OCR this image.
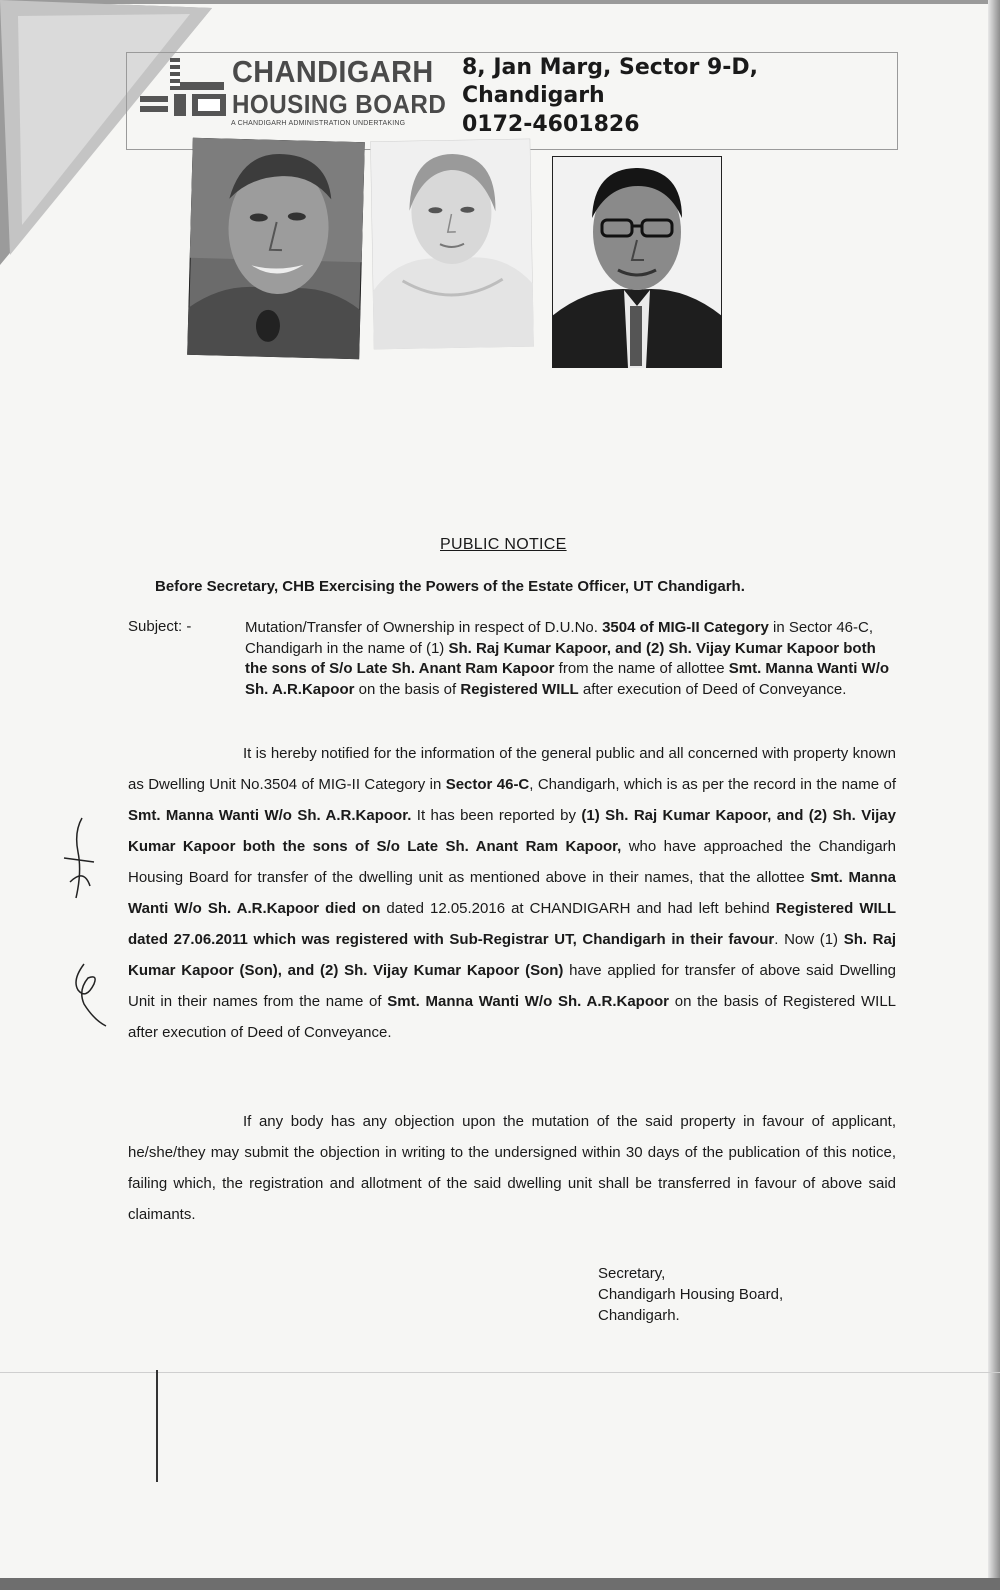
CHANDIGARH
HOUSING BOARD
A CHANDIGARH ADMINISTRATION UNDERTAKING
8, Jan Marg, Sector 9-D,
Chandigarh
0172-4601826
PUBLIC NOTICE
Before Secretary, CHB Exercising the Powers of the Estate Officer, UT Chandigarh.
Subject: -	Mutation/Transfer of Ownership in respect of D.U.No. 3504 of MIG-II Category in Sector 46-C, Chandigarh in the name of (1) Sh. Raj Kumar Kapoor, and (2) Sh. Vijay Kumar Kapoor both the sons of S/o Late Sh. Anant Ram Kapoor from the name of allottee Smt. Manna Wanti W/o Sh. A.R.Kapoor on the basis of Registered WILL after execution of Deed of Conveyance.
It is hereby notified for the information of the general public and all concerned with property known as Dwelling Unit No.3504 of MIG-II Category in Sector 46-C, Chandigarh, which is as per the record in the name of Smt. Manna Wanti W/o Sh. A.R.Kapoor. It has been reported by (1) Sh. Raj Kumar Kapoor, and (2) Sh. Vijay Kumar Kapoor both the sons of S/o Late Sh. Anant Ram Kapoor, who have approached the Chandigarh Housing Board for transfer of the dwelling unit as mentioned above in their names, that the allottee Smt. Manna Wanti W/o Sh. A.R.Kapoor died on dated 12.05.2016 at CHANDIGARH and had left behind Registered WILL dated 27.06.2011 which was registered with Sub-Registrar UT, Chandigarh in their favour. Now (1) Sh. Raj Kumar Kapoor (Son), and (2) Sh. Vijay Kumar Kapoor (Son) have applied for transfer of above said Dwelling Unit in their names from the name of Smt. Manna Wanti W/o Sh. A.R.Kapoor on the basis of Registered WILL after execution of Deed of Conveyance.
If any body has any objection upon the mutation of the said property in favour of applicant, he/she/they may submit the objection in writing to the undersigned within 30 days of the publication of this notice, failing which, the registration and allotment of the said dwelling unit shall be transferred in favour of above said claimants.
Secretary,
Chandigarh Housing Board,
Chandigarh.
